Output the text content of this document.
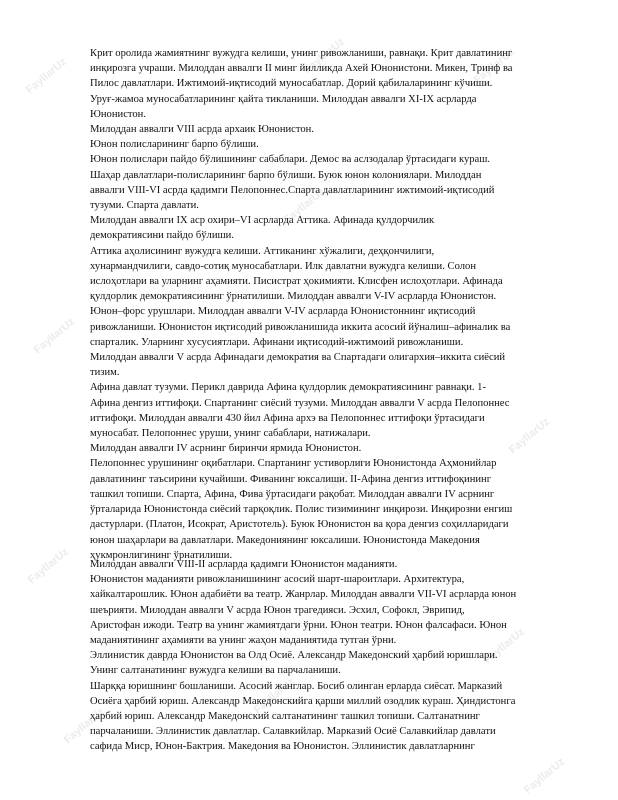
FayllarUz	FayllarUz	FayllarUz
FayllarUz
FayllarUz
FayllarUz
FayllarUz
FayllarUz
FayllarUz
FayllarUz
FayllarUz
FayllarUz
Крит оролида жамиятнинг вужудга келиши, унинг ривожланиши, равнақи. Крит давлатининг
инқирозга учраши. Милоддан аввалги II минг йилликда Ахей Юнонистони. Микен, Тринф ва
Пилос давлатлари. Ижтимоий-иқтисодий муносабатлар. Дорий қабилаларининг кўчиши.
Уруғ-жамоа муносабатларининг қайта тикланиши. Милоддан аввалги XI-IX асрларда
Юнонистон.
Милоддан аввалги VIII асрда архаик Юнонистон.
Юнон полисларининг барпо бўлиши.
Юнон полислари пайдо бўлишининг сабаблари. Демос ва аслзодалар ўртасидаги кураш.
Шаҳар давлатлари-полисларининг барпо бўлиши. Буюк юнон колониялари. Милоддан
аввалги VIII-VI асрда қадимги Пелопоннес.Спарта давлатларининг ижтимоий-иқтисодий
тузуми. Спарта давлати.
Милоддан аввалги IX аср охири–VI асрларда Аттика. Афинада қулдорчилик
демократиясини пайдо бўлиши.
Аттика аҳолисининг вужудга келиши. Аттиканинг хўжалиги, деҳқончилиги,
хунармандчилиги, савдо-сотиқ муносабатлари. Илк давлатни вужудга келиши. Солон
ислоҳотлари ва уларнинг аҳамияти. Писистрат ҳокимияти. Клисфен ислоҳотлари. Афинада
қулдорлик демократиясининг ўрнатилиши. Милоддан аввалги V-IV асрларда Юнонистон.
Юнон–форс урушлари. Милоддан аввалги V-IV асрларда Юнонистоннинг иқтисодий
ривожланиши. Юнонистон иқтисодий ривожланишида иккита асосий йўналиш–афиналик ва
спарталик. Уларнинг хусусиятлари. Афинани иқтисодий-ижтимоий ривожланиши.
Милоддан аввалги V асрда Афинадаги демократия ва Спартадаги олигархия–иккита сиёсий
тизим.
Афина давлат тузуми. Перикл даврида Афина қулдорлик демократиясининг равнақи. 1-
Афина денгиз иттифоқи. Спартанинг сиёсий тузуми. Милоддан аввалги V асрда Пелопоннес
иттифоқи. Милоддан аввалги 430 йил Афина архэ ва Пелопоннес иттифоқи ўртасидаги
муносабат. Пелопоннес уруши, унинг сабаблари, натижалари.
Милоддан аввалги IV асрнинг биринчи ярмида Юнонистон.
Пелопоннес урушининг оқибатлари. Спартанинг устиворлиги Юнонистонда Аҳмонийлар
давлатининг таъсирини кучайиши. Фиванинг юксалиши. II-Афина денгиз иттифоқининг
ташкил топиши. Спарта, Афина, Фива ўртасидаги рақобат. Милоддан аввалги IV асрнинг
ўрталарида Юнонистонда сиёсий тарқоқлик. Полис тизимининг инқирози. Инқирозни енгиш
дастурлари. (Платон, Исократ, Аристотель). Буюк Юнонистон ва қора денгиз соҳилларидаги
юнон шаҳарлари ва давлатлари. Македониянинг юксалиши. Юнонистонда Македония
ҳукмронлигининг ўрнатилиши.
Милоддан аввалги VIII-II асрларда қадимги Юнонистон маданияти.
Юнонистон маданияти ривожланишининг асосий шарт-шароитлари. Архитектура,
хайкалтарошлик. Юнон адабиёти ва театр. Жанрлар. Милоддан аввалги VII-VI асрларда юнон
шеърияти. Милоддан аввалги V асрда Юнон трагедияси. Эсхил, Софокл, Эврипид,
Аристофан ижоди. Театр ва унинг жамиятдаги ўрни. Юнон театри. Юнон фалсафаси. Юнон
маданиятининг аҳамияти ва унинг жаҳон маданиятида тутган ўрни.
Эллинистик даврда Юнонистон ва Олд Осиё. Александр Македонский ҳарбий юришлари.
Унинг салтанатининг вужудга келиши ва парчаланиши.
Шарққа юришнинг бошланиши. Асосий жанглар. Босиб олинган ерларда сиёсат. Марказий
Осиёга ҳарбий юриш. Александр Македонскийга қарши миллий озодлик кураш. Ҳиндистонга
ҳарбий юриш. Александр Македонский салтанатининг ташкил топиши. Салтанатнинг
парчаланиши. Эллинистик давлатлар. Салавкийлар. Марказий Осиё Салавкийлар давлати
сафида Миср, Юнон-Бактрия. Македония ва Юнонистон. Эллинистик давлатларнинг
